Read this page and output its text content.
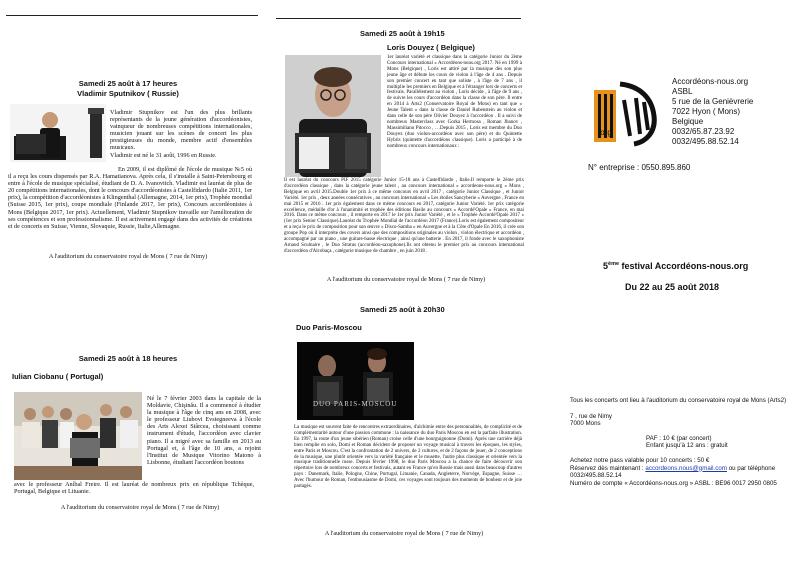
Samedi 25 août à 17 heures

Vladimir Sputnikov ( Russie)

Vladimir Stupnikov est l'un des plus brillants représentants de la jeune génération d'accordéonistes, vainqueur de nombreuses compétitions internationales, musicien jouant sur les scènes de concert les plus prestigieuses du monde, membre actif d'ensembles musicaux.

Vladimir est né le 31 août, 1996 en Russie.

En 2009, il est diplômé de l'école de musique №5 où il a reçu les cours dispensés par R.A. Hamatianova. Après cela, il s'installe à Saint-Petersbourg et entre à l'école de musique spécialisé, étudiant de D. A. Ivanovitch. Vladimir est lauréat de plus de 20 compétitions internationales, dont le concours d'accordéonistes à Castelfidardo (Italie 2011, 1er prix), la compétition d'accordéonistes à Klingenthal (Allemagne, 2014, 1er prix), Trophée mondial (Suisse 2015, 1er prix), coupe mondiale (Finlande 2017, 1er prix), Concours accordéonistes à Mons (Belgique 2017, 1er prix). Actuellement, Vladimir Stupnikov travaille sur l'amélioration de ses compétences et son professionnalisme. Il est activement engagé dans des activités de créations et de concerts en Suisse, Vienne, Slovaquie, Russie, Italie,Allemagne.

A l'auditorium du conservatoire royal de Mons ( 7 rue de Nimy)

Samedi 25 août à 18 heures

Iulian Ciobanu ( Portugal)

Né le 7 février 2003 dans la capitale de la Moldavie, Chişinău. Il a commencé à étudier la musique à l'âge de cinq ans en 2008, avec le professeur Liubovi Evstegneeva à l'école des Arts Alexei Stârcea, choisissant comme instrument d'étude, l'accordéon avec clavier piano. Il a migré avec sa famille en 2013 au Portugal et, à l'âge de 10 ans, a rejoint l'Institut de Musique Vitorino Matono à Lisbonne, étudiant l'accordéon boutons

avec le professeur Aníbal Freire. Il est lauréat de nombreux prix en république Tchèque, Portugal, Belgique et Lituanie.

A l'auditorium du conservatoire royal de Mons ( 7 rue de Nimy)

Samedi 25 août à 19h15

Loris Douyez ( Belgique)

1er lauréat variété et classique dans la catégorie Junior du 2ème Concours international « Accordéons-nous.org 2017. Né en 1999 à Mons (Belgique) , Loris est attiré par la musique dès son plus jeune âge et débute les cours de violon à l'âge de 4 ans . Depuis son premier concert en tant que soliste , à l'âge de 7 ans , il multiplie les premiers en Belgique et à l'étranger lors de concerts et festivals. Parallèlement au violon , Loris décide , à l'âge de 9 ans , de suivre les cours d'accordéon dans la classe de son père. Il entre en 2014 à Arts2 (Conservatoire Royal de Mons) en tant que « Jeune Talent » dans la classe de Daniel Rubenstein au violon et dans celle de son père Olivier Douyez à l'accordéon . Il a suivi de nombreux Masterclass avec Gorka Hermosa , Roman Jbanov , Massimiliano Pitocco , …Depuis 2015 , Loris est membre du Duo Douyez (duo violon-accordéon avec son père) et du Quintette Hybris (quintette d'accordéons classique). Loris a participé à de nombreux concours internationaux :

Il est lauréat du concours PIF 2015 catégorie Junior 15-18 ans à Castelfidardo , Italie.Il remporte le 2ème prix d'accordéon classique , dans la catégorie jeune talent , au concours international « accordeons-nous.org » Mons , Belgique en avril 2015.Double 1er prix à ce même concours en avril 2017 , catégorie Junior Classique , et Junior Variété. 1er prix , deux années consécutives , au concours international « Les étoiles Sancyberie » Auvergne , France en mai 2015 et 2016 . 1er prix également dans ce même concours en 2017, catégorie Junior Variété. 1er prix catégorie excellence, médaille d'or à l'unanimité et trophée des éditions Basile au concours « Accordé'Opale » France, en mai 2016. Dans ce même concours , il remporte en 2017 le 1er prix Junior Variété , et le « Trophée Accordé'Opale 2017 » (1er prix Senior Classique).Lauréat du Trophée Mondial de l'accordéon 2017 (France).Loris est également compositeur et a reçu le prix de composition pour son œuvre « Disco-Samba » en Auvergne et à la Côte d'Opale En 2016, il crée son groupe Pop où il interprète des covers ainsi que des compositions originales au violon , violon électrique et accordéon , accompagné par un piano , une guitare-basse électrique , ainsi qu'une batterie . En 2017, il fonde avec le saxophoniste Arnaud Sculnaire , le Duo Stratus (accordéon-saxophone).Ils ont obtenu le premier prix au concours international d'accordéon d'Alcobaça , catégorie musique de chambre , en juin 2018 .

A l'auditorium du conservatoire royal de Mons ( 7 rue de Nimy)

Samedi 25 août à 20h30

Duo Paris-Moscou

DUO PARIS-MOSCOU

La musique est souvent faite de rencontres extraordinaires, d'alchimie entre des personnalités, de complicité et de complémentarité autour d'une passion commune : la naissance du duo Paris Moscou en est la parfaite illustration. En 1997, la route d'un jeune sibérien (Roman) croise celle d'une bourguignonne (Domi). Après une carrière déjà bien remplie en solo, Domi et Roman décident de proposer un voyage musical à travers les époques, les styles, entre Paris et Moscou. C'est la confrontation de 2 univers, de 2 cultures, et de 2 façons de jouer, de 2 conceptions de la musique, une plutôt orientée vers la variété française et le musette, l'autre plus classique et orientée vers la musique traditionnelle russe. Depuis février 1998, le duo Paris Moscou a la chance de faire découvrir son répertoire lors de nombreux concerts et festivals, autant en France qu'en Russie mais aussi dans beaucoup d'autres pays : Danemark, Italie, Pologne, Chine, Portugal, Lituanie, Canada, Angleterre, Norvège, Espagne, Suisse … Avec l'humour de Roman, l'enthousiasme de Domi, ces voyages sont toujours des moments de bonheur et de joie partagés.

A l'auditorium du conservatoire royal de Mons ( 7 rue de Nimy)

.org
Accordéons-nous.org
ASBL
5 rue de la Genièvrerie
7022 Hyon ( Mons)
Belgique
0032/65.87.23.92
0032/495.88.52.14

N° entreprise : 0550.895.860

5ème festival Accordéons-nous.org

Du 22 au 25 août 2018

Tous les concerts ont lieu à l'auditorium du conservatoire royal de Mons (Arts2)
7 , rue de Nimy
7000 Mons
PAF : 10 € (par concert)
Enfant jusqu'à 12 ans : gratuit
Achetez notre pass valable pour 10 concerts : 50 €
Réservez dès maintenant : accordeons.nous@gmail.com ou par téléphone
0032/495.88.52.14
Numéro de compte « Accordéons-nous.org » ASBL : BE96 0017 2950 0805
